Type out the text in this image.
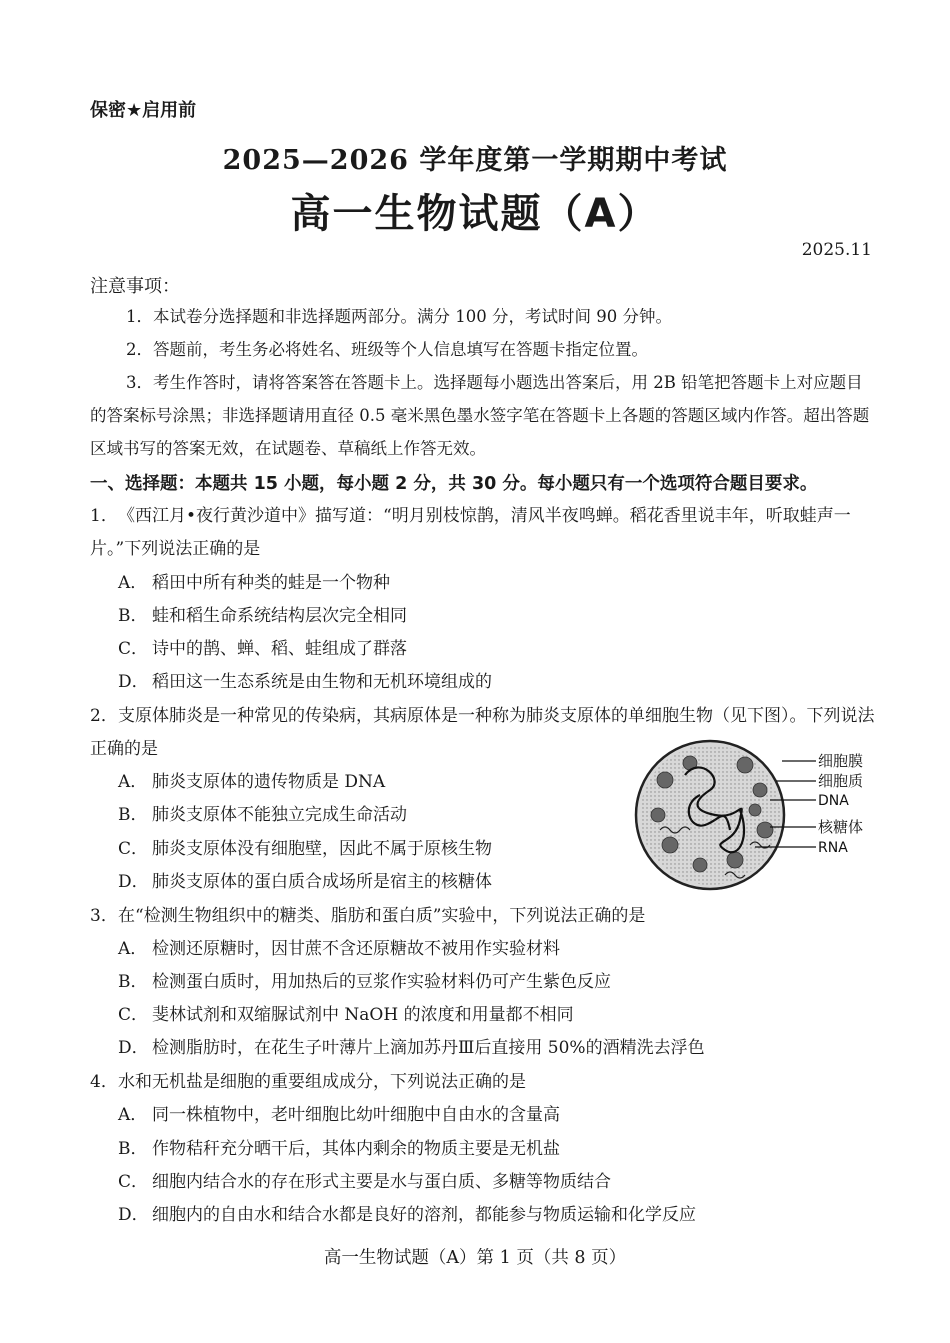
保密★启用前
2025—2026 学年度第一学期期中考试
高一生物试题（A）
2025.11
注意事项：
1．本试卷分选择题和非选择题两部分。满分 100 分，考试时间 90 分钟。
2．答题前，考生务必将姓名、班级等个人信息填写在答题卡指定位置。
3．考生作答时，请将答案答在答题卡上。选择题每小题选出答案后，用 2B 铅笔把答题卡上对应题目的答案标号涂黑；非选择题请用直径 0.5 毫米黑色墨水签字笔在答题卡上各题的答题区域内作答。超出答题区域书写的答案无效，在试题卷、草稿纸上作答无效。
一、选择题：本题共 15 小题，每小题 2 分，共 30 分。每小题只有一个选项符合题目要求。
1．《西江月•夜行黄沙道中》描写道：“明月别枝惊鹊，清风半夜鸣蝉。稻花香里说丰年，听取蛙声一片。”下列说法正确的是
A． 稻田中所有种类的蛙是一个物种
B． 蛙和稻生命系统结构层次完全相同
C． 诗中的鹊、蝉、稻、蛙组成了群落
D． 稻田这一生态系统是由生物和无机环境组成的
2．支原体肺炎是一种常见的传染病，其病原体是一种称为肺炎支原体的单细胞生物（见下图）。下列说法正确的是
A． 肺炎支原体的遗传物质是 DNA
B． 肺炎支原体不能独立完成生命活动
C． 肺炎支原体没有细胞壁，因此不属于原核生物
D． 肺炎支原体的蛋白质合成场所是宿主的核糖体
细胞膜
细胞质
DNA
核糖体
RNA
3．在“检测生物组织中的糖类、脂肪和蛋白质”实验中，下列说法正确的是
A． 检测还原糖时，因甘蔗不含还原糖故不被用作实验材料
B． 检测蛋白质时，用加热后的豆浆作实验材料仍可产生紫色反应
C． 斐林试剂和双缩脲试剂中 NaOH 的浓度和用量都不相同
D． 检测脂肪时，在花生子叶薄片上滴加苏丹Ⅲ后直接用 50%的酒精洗去浮色
4．水和无机盐是细胞的重要组成成分，下列说法正确的是
A． 同一株植物中，老叶细胞比幼叶细胞中自由水的含量高
B． 作物秸秆充分晒干后，其体内剩余的物质主要是无机盐
C． 细胞内结合水的存在形式主要是水与蛋白质、多糖等物质结合
D． 细胞内的自由水和结合水都是良好的溶剂，都能参与物质运输和化学反应
高一生物试题（A）第 1 页（共 8 页）
